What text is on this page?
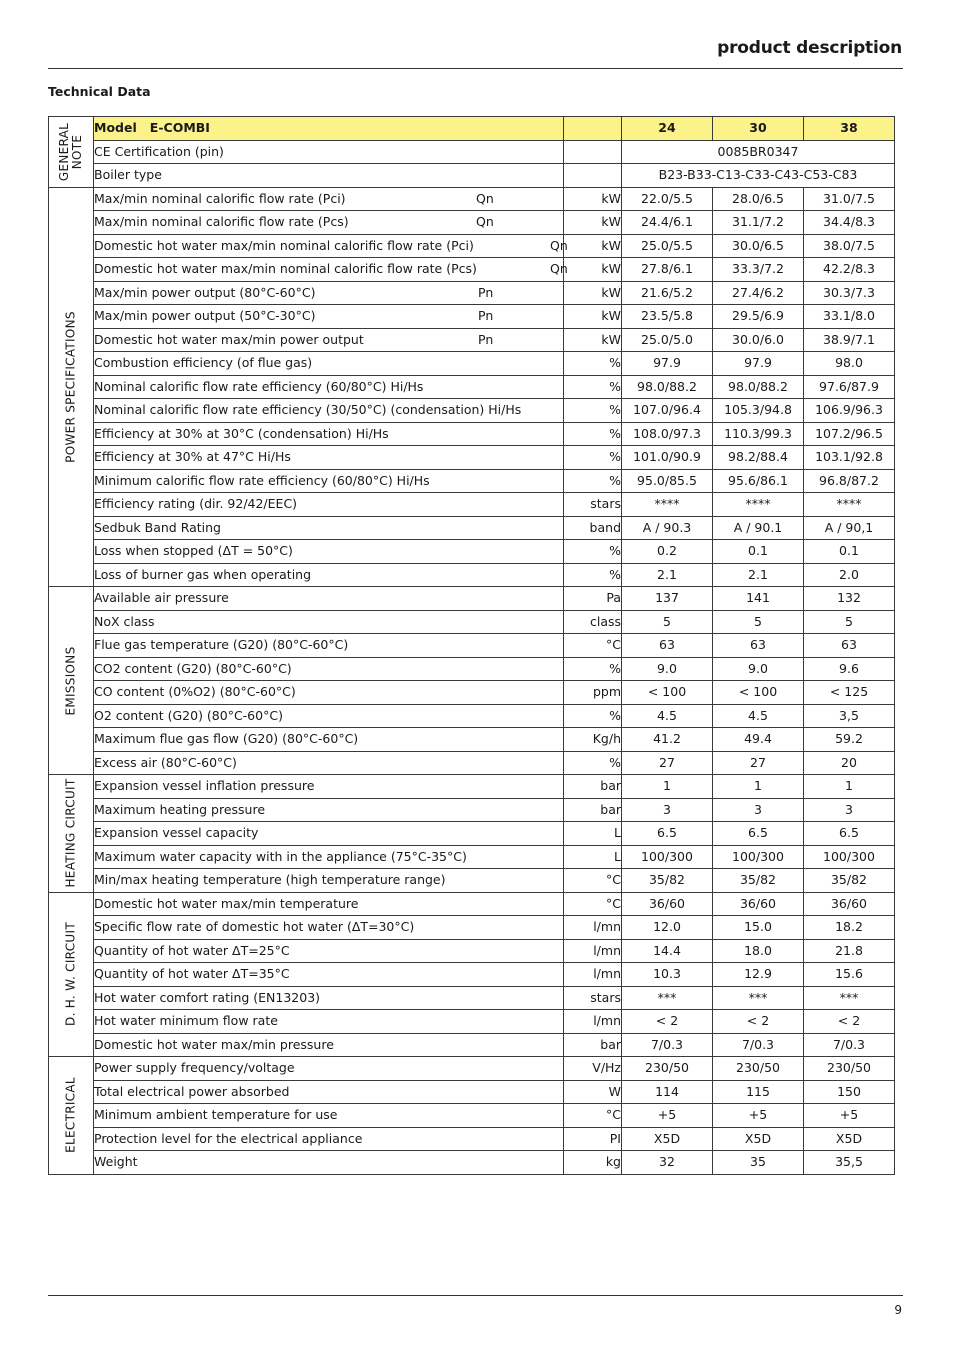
product description
Technical Data
GENERAL NOTE	Model   E-COMBI		24	30	38
	CE Certification (pin)		0085BR0347		
	Boiler type		B23-B33-C13-C33-C43-C53-C83		

POWER SPECIFICATIONS	Max/min nominal calorific flow rate (Pci) Qn	kW	22.0/5.5	28.0/6.5	31.0/7.5
	Max/min nominal calorific flow rate (Pcs) Qn	kW	24.4/6.1	31.1/7.2	34.4/8.3
	Domestic hot water max/min nominal calorific flow rate (Pci) Qn	kW	25.0/5.5	30.0/6.5	38.0/7.5
	Domestic hot water max/min nominal calorific flow rate (Pcs) Qn	kW	27.8/6.1	33.3/7.2	42.2/8.3
	Max/min power output (80°C-60°C) Pn	kW	21.6/5.2	27.4/6.2	30.3/7.3
	Max/min power output (50°C-30°C) Pn	kW	23.5/5.8	29.5/6.9	33.1/8.0
	Domestic hot water max/min power output Pn	kW	25.0/5.0	30.0/6.0	38.9/7.1
	Combustion efficiency (of flue gas)	%	97.9	97.9	98.0
	Nominal calorific flow rate efficiency (60/80°C) Hi/Hs	%	98.0/88.2	98.0/88.2	97.6/87.9
	Nominal calorific flow rate efficiency (30/50°C) (condensation) Hi/Hs	%	107.0/96.4	105.3/94.8	106.9/96.3
	Efficiency at 30% at 30°C (condensation) Hi/Hs	%	108.0/97.3	110.3/99.3	107.2/96.5
	Efficiency at 30% at 47°C Hi/Hs	%	101.0/90.9	98.2/88.4	103.1/92.8
	Minimum calorific flow rate efficiency (60/80°C) Hi/Hs	%	95.0/85.5	95.6/86.1	96.8/87.2
	Efficiency rating (dir. 92/42/EEC)	stars	****	****	****
	Sedbuk Band Rating	band	A / 90.3	A / 90.1	A / 90,1
	Loss when stopped (ΔT = 50°C)	%	0.2	0.1	0.1
	Loss of burner gas when operating	%	2.1	2.1	2.0

EMISSIONS	Available air pressure	Pa	137	141	132
	NoX class	class	5	5	5
	Flue gas temperature (G20) (80°C-60°C)	°C	63	63	63
	CO2 content (G20) (80°C-60°C)	%	9.0	9.0	9.6
	CO content (0%O2) (80°C-60°C)	ppm	< 100	< 100	< 125
	O2 content (G20) (80°C-60°C)	%	4.5	4.5	3,5
	Maximum flue gas flow (G20) (80°C-60°C)	Kg/h	41.2	49.4	59.2
	Excess air (80°C-60°C)	%	27	27	20

HEATING CIRCUIT	Expansion vessel inflation pressure	bar	1	1	1
	Maximum heating pressure	bar	3	3	3
	Expansion vessel capacity	L	6.5	6.5	6.5
	Maximum water capacity with in the appliance (75°C-35°C)	L	100/300	100/300	100/300
	Min/max heating temperature (high temperature range)	°C	35/82	35/82	35/82

D. H. W. CIRCUIT	Domestic hot water max/min temperature	°C	36/60	36/60	36/60
	Specific flow rate of domestic hot water (ΔT=30°C)	l/mn	12.0	15.0	18.2
	Quantity of hot water ΔT=25°C	l/mn	14.4	18.0	21.8
	Quantity of hot water ΔT=35°C	l/mn	10.3	12.9	15.6
	Hot water comfort rating (EN13203)	stars	***	***	***
	Hot water minimum flow rate	l/mn	< 2	< 2	< 2
	Domestic hot water max/min pressure	bar	7/0.3	7/0.3	7/0.3

ELECTRICAL	Power supply frequency/voltage	V/Hz	230/50	230/50	230/50
	Total electrical power absorbed	W	114	115	150
	Minimum ambient temperature for use	°C	+5	+5	+5
	Protection level for the electrical appliance	PI	X5D	X5D	X5D
	Weight	kg	32	35	35,5
9
